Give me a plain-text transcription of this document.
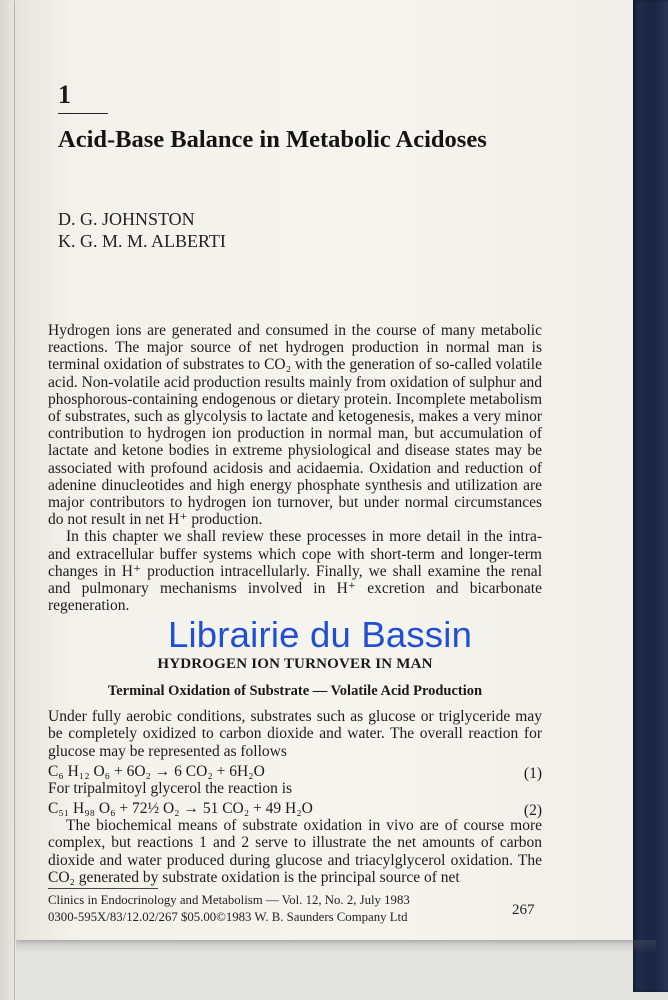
1
Acid-Base Balance in Metabolic Acidoses
D. G. JOHNSTON
K. G. M. M. ALBERTI

Hydrogen ions are generated and consumed in the course of many metabolic reactions. The major source of net hydrogen production in normal man is terminal oxidation of substrates to CO₂ with the generation of so-called volatile acid. Non-volatile acid production results mainly from oxidation of sulphur and phosphorous-containing endogenous or dietary protein. Incomplete metabolism of substrates, such as glycolysis to lactate and ketogenesis, makes a very minor contribution to hydrogen ion production in normal man, but accumulation of lactate and ketone bodies in extreme physiological and disease states may be associated with profound acidosis and acidaemia. Oxidation and reduction of adenine dinucleotides and high energy phosphate synthesis and utilization are major contributors to hydrogen ion turnover, but under normal circumstances do not result in net H⁺ production.

In this chapter we shall review these processes in more detail in the intra- and extracellular buffer systems which cope with short-term and longer-term changes in H⁺ production intracellularly. Finally, we shall examine the renal and pulmonary mechanisms involved in H⁺ excretion and bicarbonate regeneration.

Librairie du Bassin
HYDROGEN ION TURNOVER IN MAN
Terminal Oxidation of Substrate — Volatile Acid Production

Under fully aerobic conditions, substrates such as glucose or triglyceride may be completely oxidized to carbon dioxide and water. The overall reaction for glucose may be represented as follows

C₆ H₁₂ O₆ + 6O₂ → 6 CO₂ + 6H₂O	(1)
For tripalmitoyl glycerol the reaction is
C₅₁ H₉₈ O₆ + 72½ O₂ → 51 CO₂ + 49 H₂O	(2)

The biochemical means of substrate oxidation in vivo are of course more complex, but reactions 1 and 2 serve to illustrate the net amounts of carbon dioxide and water produced during glucose and triacylglycerol oxidation. The CO₂ generated by substrate oxidation is the principal source of net

Clinics in Endocrinology and Metabolism — Vol. 12, No. 2, July 1983
0300-595X/83/12.02/267 $05.00©1983 W. B. Saunders Company Ltd	267
